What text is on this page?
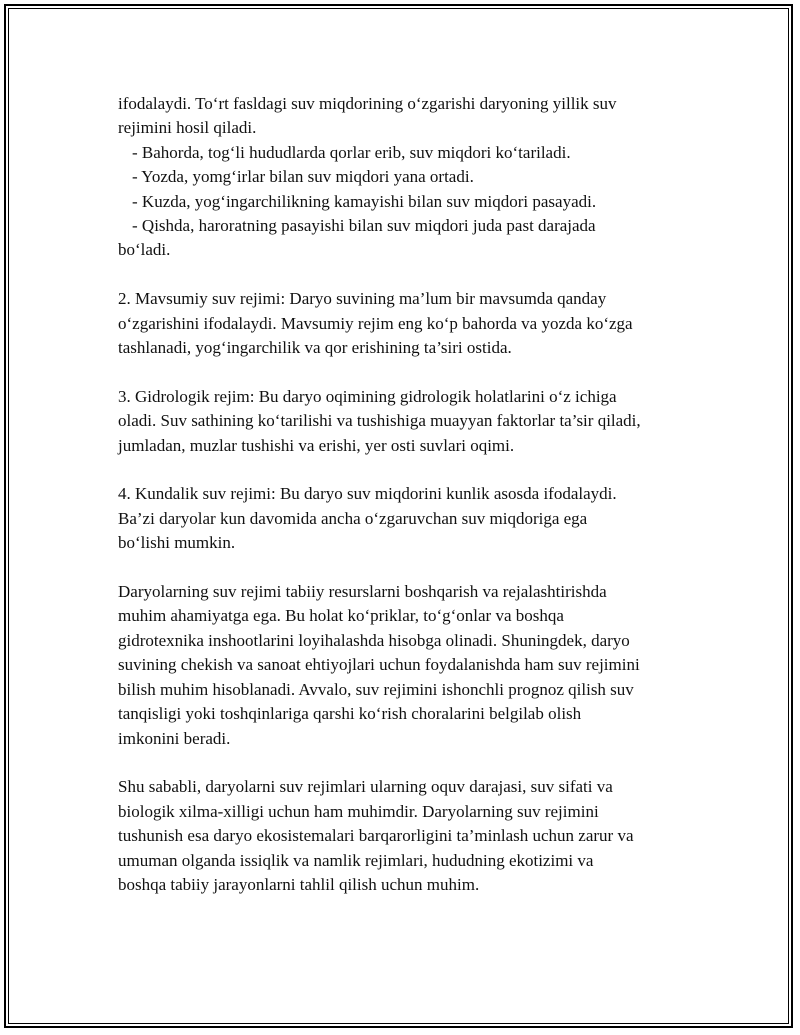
ifodalaydi. To‘rt fasldagi suv miqdorining o‘zgarishi daryoning yillik suv
rejimini hosil qiladi.
- Bahorda, tog‘li hududlarda qorlar erib, suv miqdori ko‘tariladi.
- Yozda, yomg‘irlar bilan suv miqdori yana ortadi.
- Kuzda, yog‘ingarchilikning kamayishi bilan suv miqdori pasayadi.
- Qishda, haroratning pasayishi bilan suv miqdori juda past darajada
bo‘ladi.

2. Mavsumiy suv rejimi: Daryo suvining ma’lum bir mavsumda qanday
o‘zgarishini ifodalaydi. Mavsumiy rejim eng ko‘p bahorda va yozda ko‘zga
tashlanadi, yog‘ingarchilik va qor erishining ta’siri ostida.

3. Gidrologik rejim: Bu daryo oqimining gidrologik holatlarini o‘z ichiga
oladi. Suv sathining ko‘tarilishi va tushishiga muayyan faktorlar ta’sir qiladi,
jumladan, muzlar tushishi va erishi, yer osti suvlari oqimi.

4. Kundalik suv rejimi: Bu daryo suv miqdorini kunlik asosda ifodalaydi.
Ba’zi daryolar kun davomida ancha o‘zgaruvchan suv miqdoriga ega
bo‘lishi mumkin.

Daryolarning suv rejimi tabiiy resurslarni boshqarish va rejalashtirishda
muhim ahamiyatga ega. Bu holat ko‘priklar, to‘g‘onlar va boshqa
gidrotexnika inshootlarini loyihalashda hisobga olinadi. Shuningdek, daryo
suvining chekish va sanoat ehtiyojlari uchun foydalanishda ham suv rejimini
bilish muhim hisoblanadi. Avvalo, suv rejimini ishonchli prognoz qilish suv
tanqisligi yoki toshqinlariga qarshi ko‘rish choralarini belgilab olish
imkonini beradi.

Shu sababli, daryolarni suv rejimlari ularning oquv darajasi, suv sifati va
biologik xilma-xilligi uchun ham muhimdir. Daryolarning suv rejimini
tushunish esa daryo ekosistemalari barqarorligini ta’minlash uchun zarur va
umuman olganda issiqlik va namlik rejimlari, hududning ekotizimi va
boshqa tabiiy jarayonlarni tahlil qilish uchun muhim.
